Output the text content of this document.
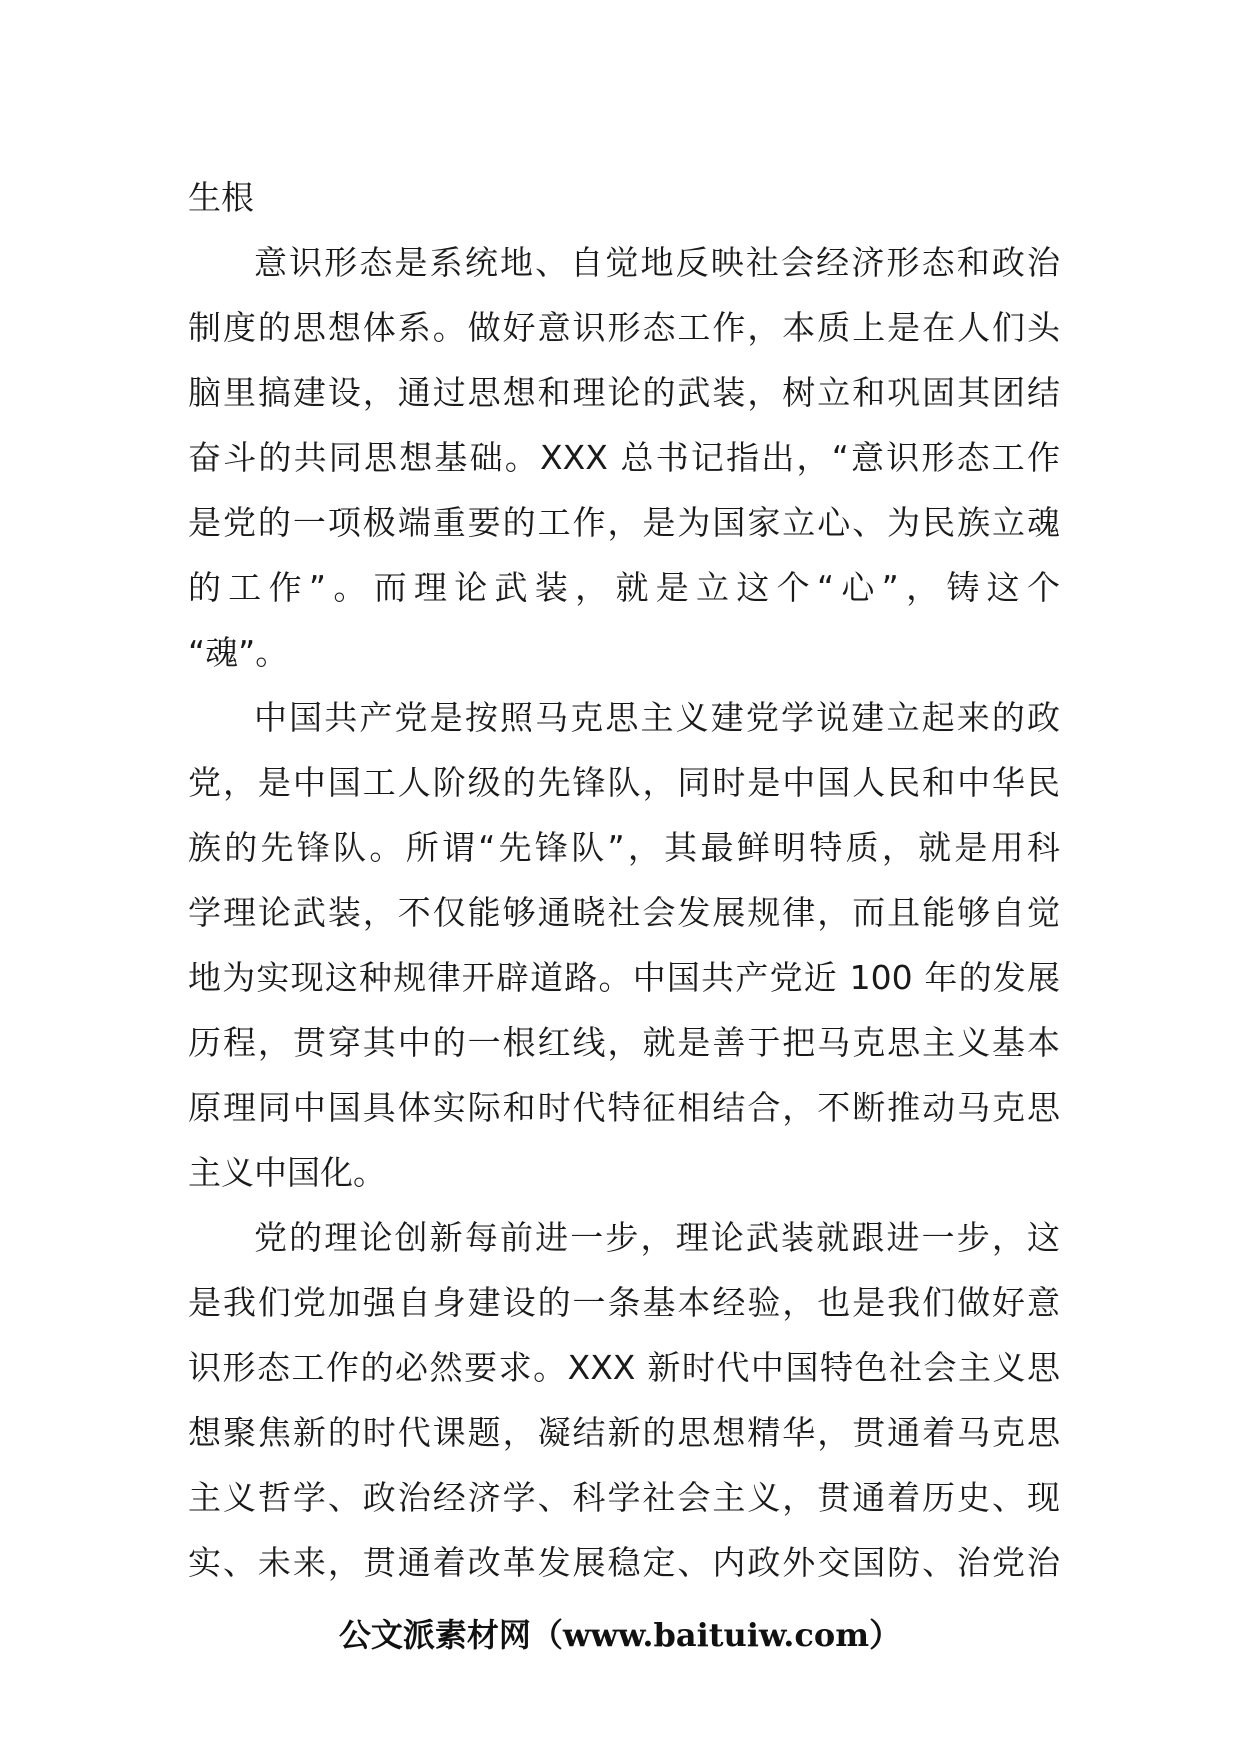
生根
意识形态是系统地、自觉地反映社会经济形态和政治
制度的思想体系。做好意识形态工作，本质上是在人们头
脑里搞建设，通过思想和理论的武装，树立和巩固其团结
奋斗的共同思想基础。XXX 总书记指出，“意识形态工作
是党的一项极端重要的工作，是为国家立心、为民族立魂
的工作”。而理论武装，就是立这个“心”，铸这个
“魂”。
中国共产党是按照马克思主义建党学说建立起来的政
党，是中国工人阶级的先锋队，同时是中国人民和中华民
族的先锋队。所谓“先锋队”，其最鲜明特质，就是用科
学理论武装，不仅能够通晓社会发展规律，而且能够自觉
地为实现这种规律开辟道路。中国共产党近 100 年的发展
历程，贯穿其中的一根红线，就是善于把马克思主义基本
原理同中国具体实际和时代特征相结合，不断推动马克思
主义中国化。
党的理论创新每前进一步，理论武装就跟进一步，这
是我们党加强自身建设的一条基本经验，也是我们做好意
识形态工作的必然要求。XXX 新时代中国特色社会主义思
想聚焦新的时代课题，凝结新的思想精华，贯通着马克思
主义哲学、政治经济学、科学社会主义，贯通着历史、现
实、未来，贯通着改革发展稳定、内政外交国防、治党治
公文派素材网（www.baituiw.com）
